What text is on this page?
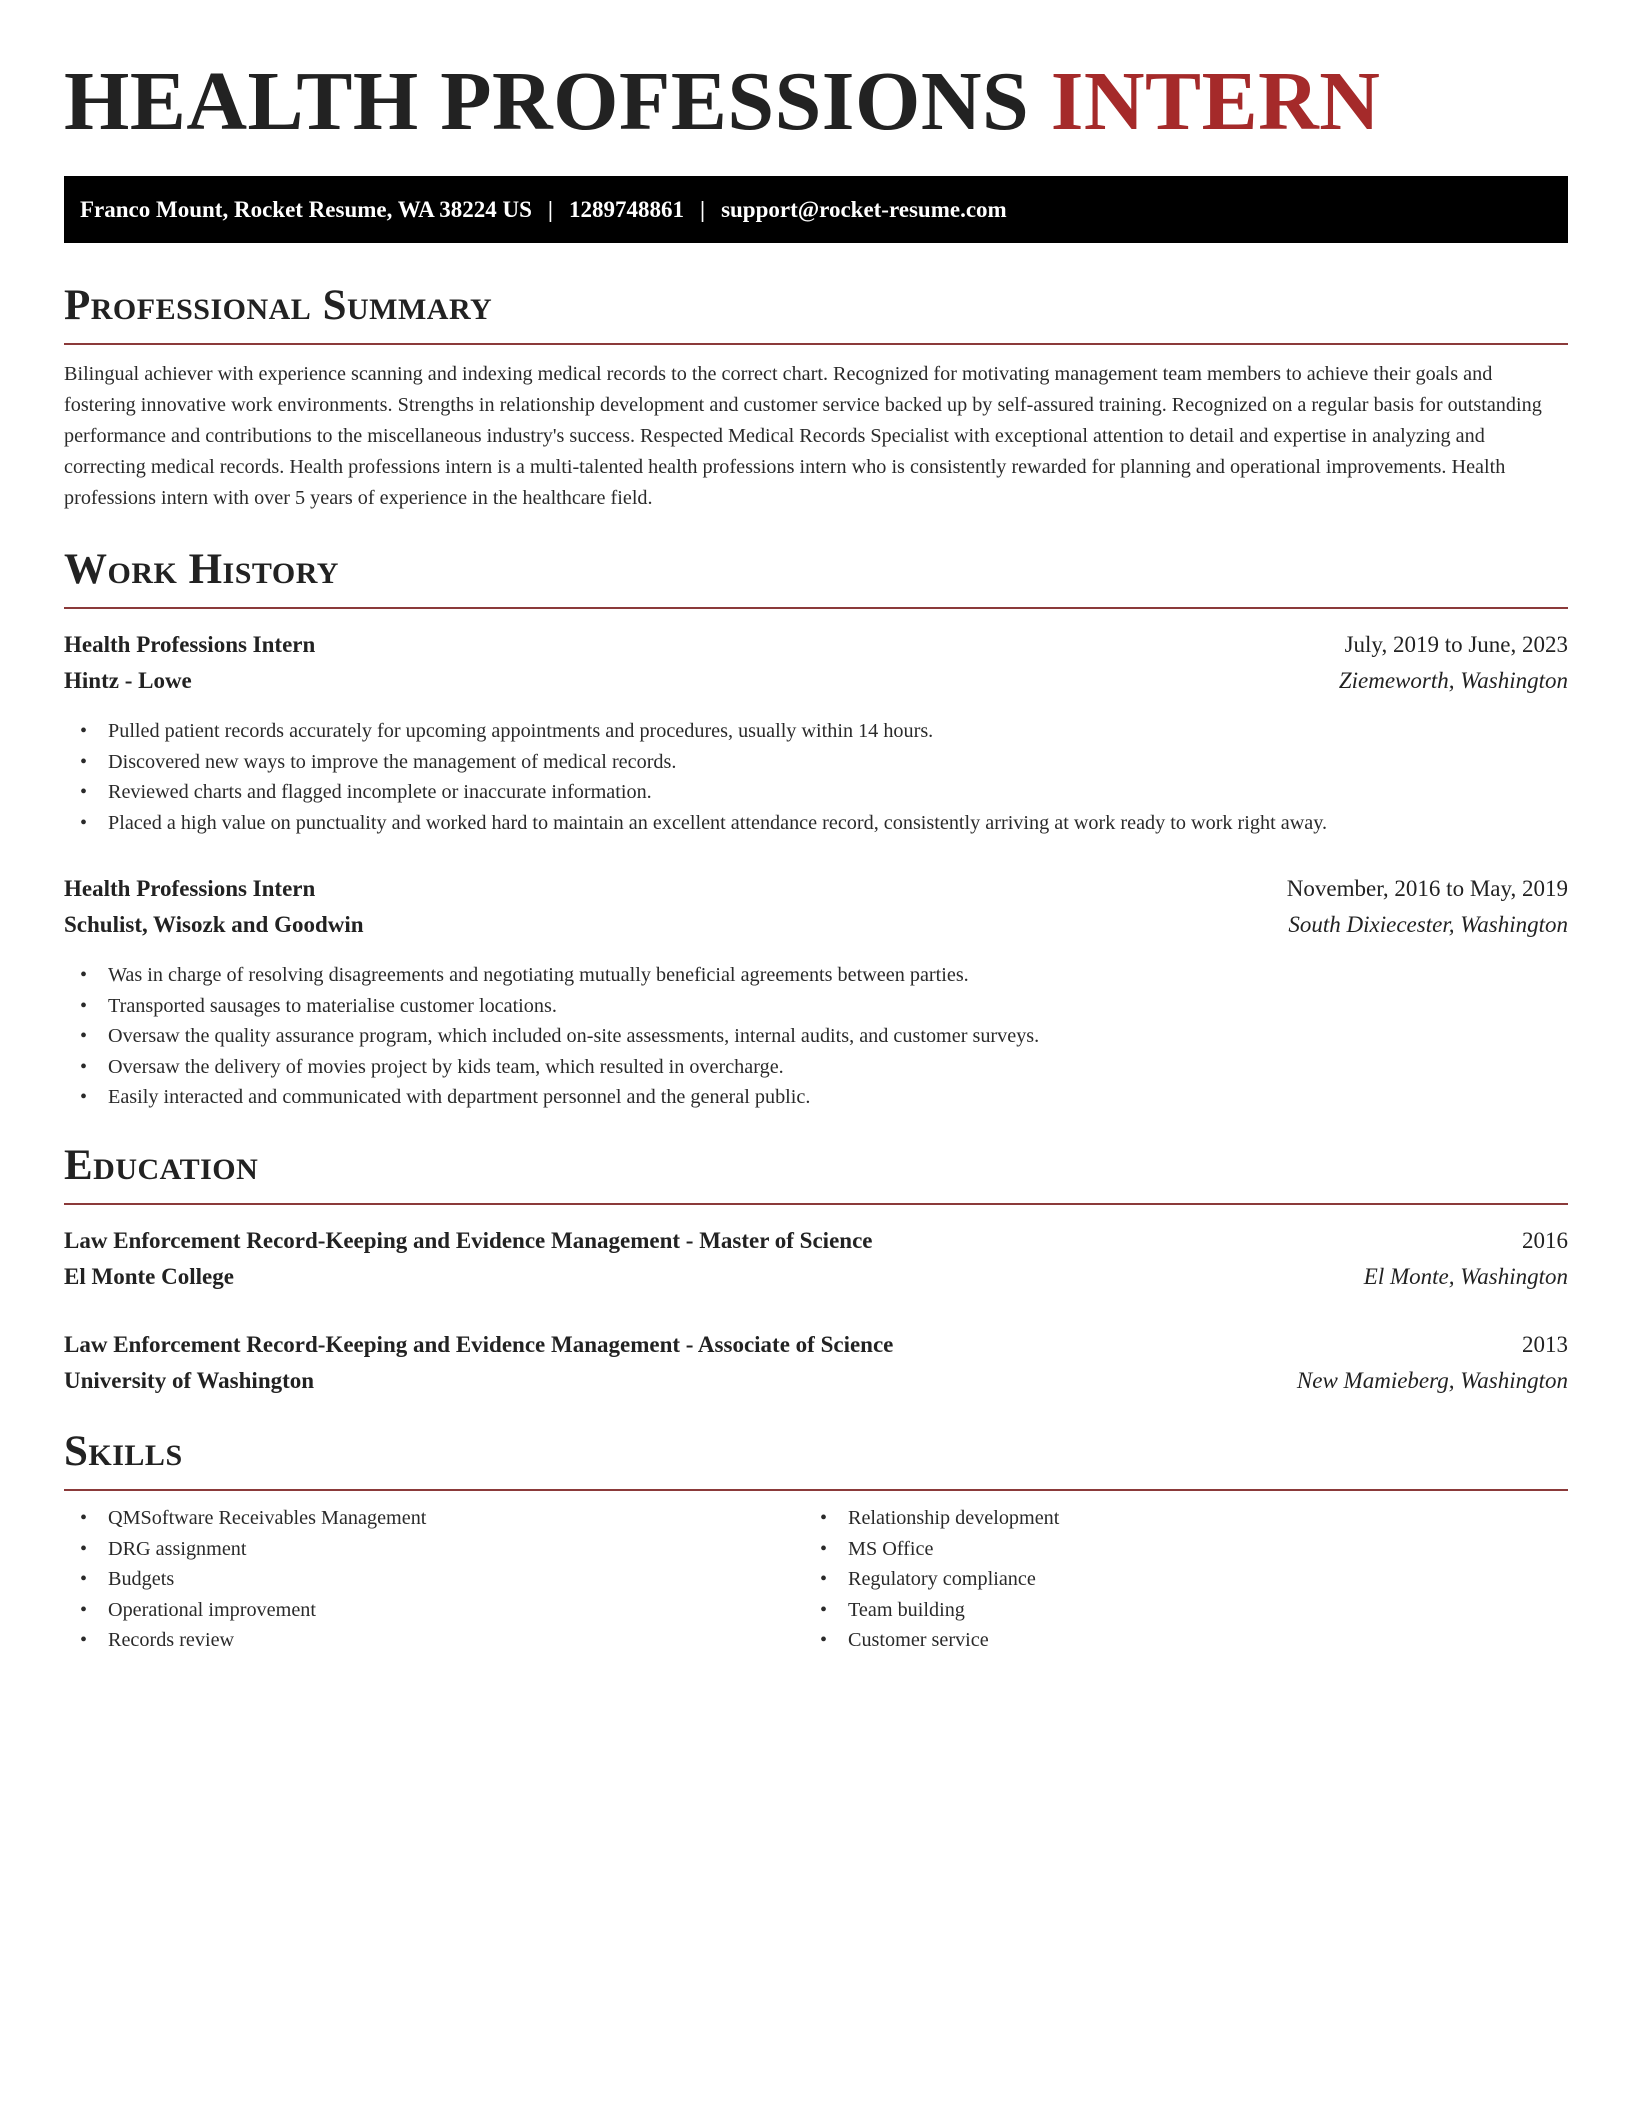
HEALTH PROFESSIONS INTERN
Franco Mount, Rocket Resume, WA 38224 US | 1289748861 | support@rocket-resume.com
Professional Summary

Bilingual achiever with experience scanning and indexing medical records to the correct chart. Recognized for motivating management team members to achieve their goals and fostering innovative work environments. Strengths in relationship development and customer service backed up by self-assured training. Recognized on a regular basis for outstanding performance and contributions to the miscellaneous industry's success. Respected Medical Records Specialist with exceptional attention to detail and expertise in analyzing and correcting medical records. Health professions intern is a multi-talented health professions intern who is consistently rewarded for planning and operational improvements. Health professions intern with over 5 years of experience in the healthcare field.

Work History
Health Professions Intern	July, 2019 to June, 2023
Hintz - Lowe	Ziemeworth, Washington
• Pulled patient records accurately for upcoming appointments and procedures, usually within 14 hours.
• Discovered new ways to improve the management of medical records.
• Reviewed charts and flagged incomplete or inaccurate information.
• Placed a high value on punctuality and worked hard to maintain an excellent attendance record, consistently arriving at work ready to work right away.
Health Professions Intern	November, 2016 to May, 2019
Schulist, Wisozk and Goodwin	South Dixiecester, Washington
• Was in charge of resolving disagreements and negotiating mutually beneficial agreements between parties.
• Transported sausages to materialise customer locations.
• Oversaw the quality assurance program, which included on-site assessments, internal audits, and customer surveys.
• Oversaw the delivery of movies project by kids team, which resulted in overcharge.
• Easily interacted and communicated with department personnel and the general public.
Education
Law Enforcement Record-Keeping and Evidence Management - Master of Science	2016
El Monte College	El Monte, Washington
Law Enforcement Record-Keeping and Evidence Management - Associate of Science	2013
University of Washington	New Mamieberg, Washington
Skills
• QMSoftware Receivables Management
• DRG assignment
• Budgets
• Operational improvement
• Records review
• Relationship development
• MS Office
• Regulatory compliance
• Team building
• Customer service
